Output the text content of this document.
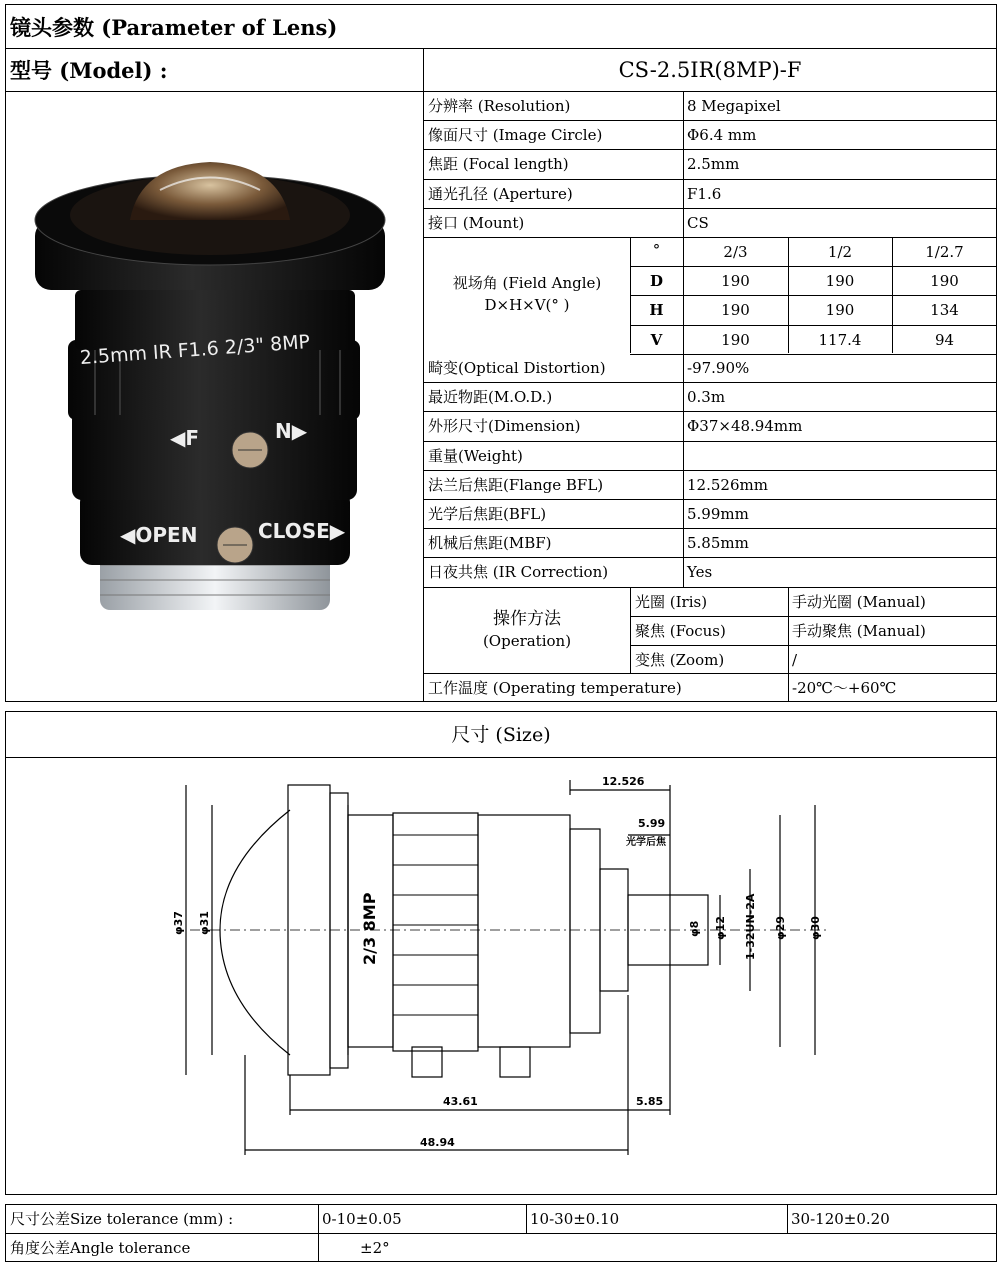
镜头参数 (Parameter of Lens)
型号 (Model) :	CS-2.5IR(8MP)-F
2.5mm IR F1.6 2/3" 8MP
◀F	N▶
◀OPEN	CLOSE▶
视场角 (Field Angle)
D×H×V(° )
操作方法
(Operation)
工作温度 (Operating temperature)	-20℃～+60℃
尺寸 (Size)
φ37 φ31	φ8 φ12 1-32UN-2A φ29 φ30
12.526
5.99
光学后焦
43.61	5.85
48.94
2/3 8MP
尺寸公差Size tolerance (mm) :	0-10±0.05	10-30±0.10	30-120±0.20
角度公差Angle tolerance	±2°
分辨率 (Resolution)	8 Megapixel
像面尺寸 (Image Circle)	Φ6.4 mm
焦距 (Focal length)	2.5mm
通光孔径 (Aperture)	F1.6
接口 (Mount)	CS
°	2/3	1/2	1/2.7
D	190	190	190
H	190	190	134
V	190	117.4	94
畸变(Optical Distortion)	-97.90%
最近物距(M.O.D.)	0.3m
外形尺寸(Dimension)	Φ37×48.94mm
重量(Weight)
法兰后焦距(Flange BFL)	12.526mm
光学后焦距(BFL)	5.99mm
机械后焦距(MBF)	5.85mm
日夜共焦 (IR Correction)	Yes
光圈 (Iris)	手动光圈 (Manual)
聚焦 (Focus)	手动聚焦 (Manual)
变焦 (Zoom)	/
